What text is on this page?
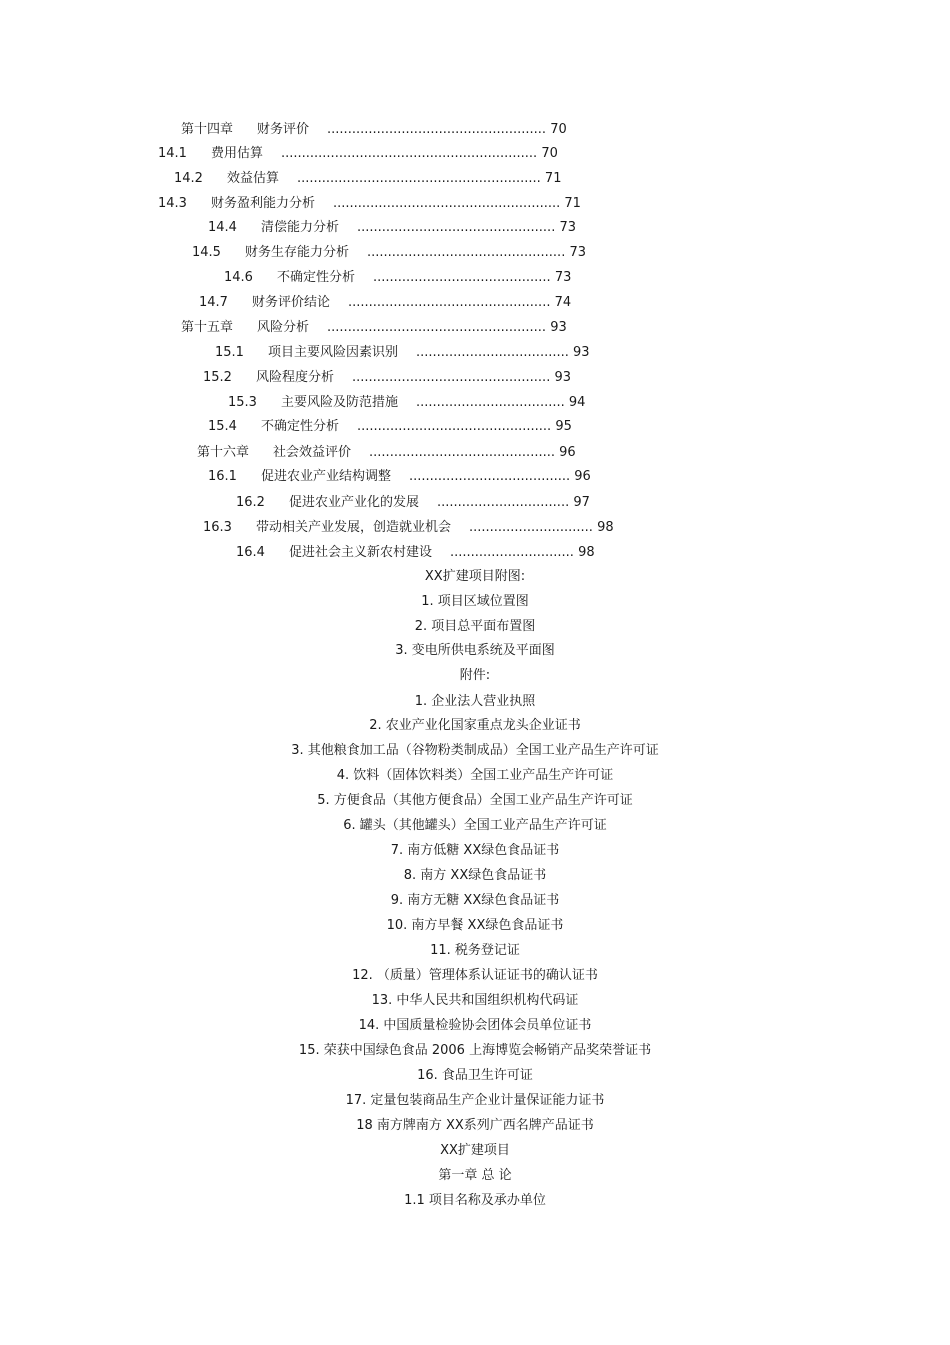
第十四章 财务评价 ..................................................... 70
14.1 费用估算 .............................................................. 70
14.2 效益估算 ........................................................... 71
14.3 财务盈利能力分析 ....................................................... 71
14.4 清偿能力分析 ................................................ 73
14.5 财务生存能力分析 ................................................ 73
14.6 不确定性分析 ........................................... 73
14.7 财务评价结论 ................................................. 74
第十五章 风险分析 ..................................................... 93
15.1 项目主要风险因素识别 ..................................... 93
15.2 风险程度分析 ................................................ 93
15.3 主要风险及防范措施 .................................... 94
15.4 不确定性分析 ............................................... 95
第十六章 社会效益评价 ............................................. 96
16.1 促进农业产业结构调整 ....................................... 96
16.2 促进农业产业化的发展 ................................ 97
16.3 带动相关产业发展，创造就业机会 .............................. 98
16.4 促进社会主义新农村建设 .............................. 98
XX扩建项目附图:
1. 项目区域位置图
2. 项目总平面布置图
3. 变电所供电系统及平面图
附件:
1. 企业法人营业执照
2. 农业产业化国家重点龙头企业证书
3. 其他粮食加工品（谷物粉类制成品）全国工业产品生产许可证
4. 饮料（固体饮料类）全国工业产品生产许可证
5. 方便食品（其他方便食品）全国工业产品生产许可证
6. 罐头（其他罐头）全国工业产品生产许可证
7. 南方低糖 XX绿色食品证书
8. 南方 XX绿色食品证书
9. 南方无糖 XX绿色食品证书
10. 南方早餐 XX绿色食品证书
11. 税务登记证
12. （质量）管理体系认证证书的确认证书
13. 中华人民共和国组织机构代码证
14. 中国质量检验协会团体会员单位证书
15. 荣获中国绿色食品 2006 上海博览会畅销产品奖荣誉证书
16. 食品卫生许可证
17. 定量包装商品生产企业计量保证能力证书
18 南方牌南方 XX系列广西名牌产品证书
XX扩建项目
第一章 总 论
1.1 项目名称及承办单位
